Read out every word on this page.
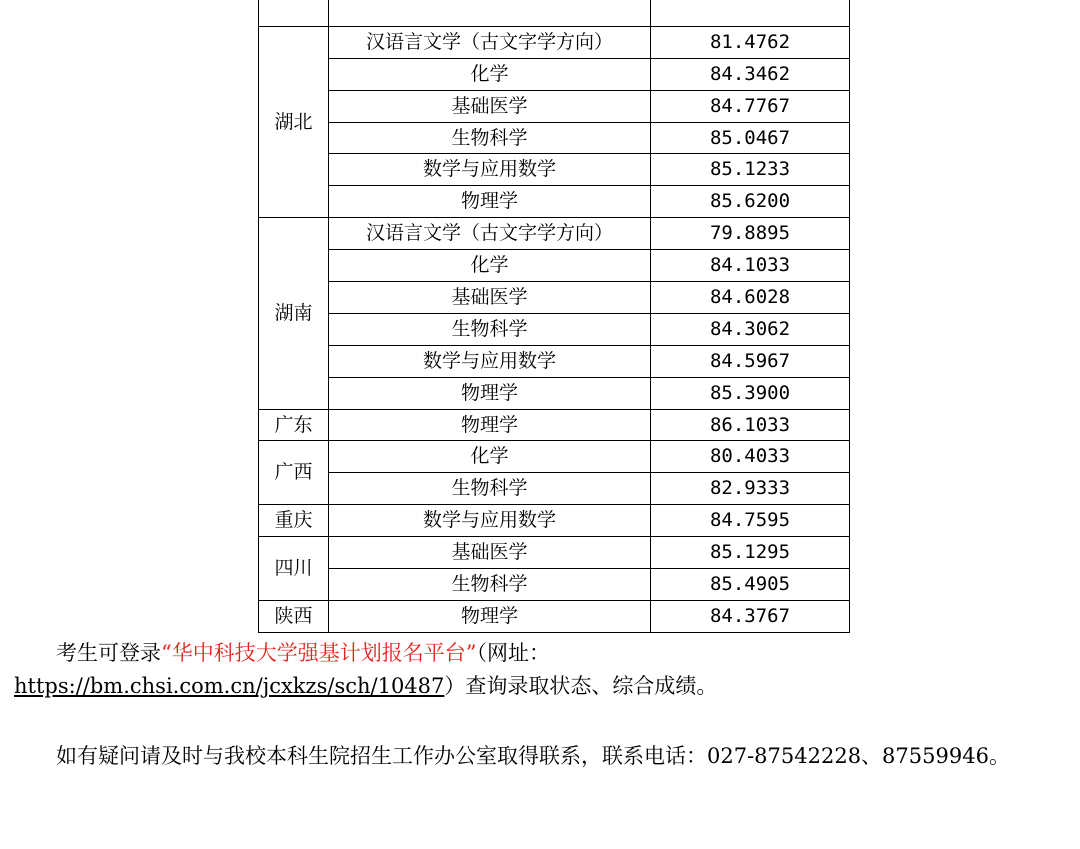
湖北	汉语言文学（古文字学方向）	81.4762
	化学	84.3462
	基础医学	84.7767
	生物科学	85.0467
	数学与应用数学	85.1233
	物理学	85.6200
湖南	汉语言文学（古文字学方向）	79.8895
	化学	84.1033
	基础医学	84.6028
	生物科学	84.3062
	数学与应用数学	84.5967
	物理学	85.3900
广东	物理学	86.1033
广西	化学	80.4033
	生物科学	82.9333
重庆	数学与应用数学	84.7595
四川	基础医学	85.1295
	生物科学	85.4905
陕西	物理学	84.3767

  考生可登录“华中科技大学强基计划报名平台”（网址：
https://bm.chsi.com.cn/jcxkzs/sch/10487）查询录取状态、综合成绩。

  如有疑问请及时与我校本科生院招生工作办公室取得联系，联系电话：027-87542228、87559946。
